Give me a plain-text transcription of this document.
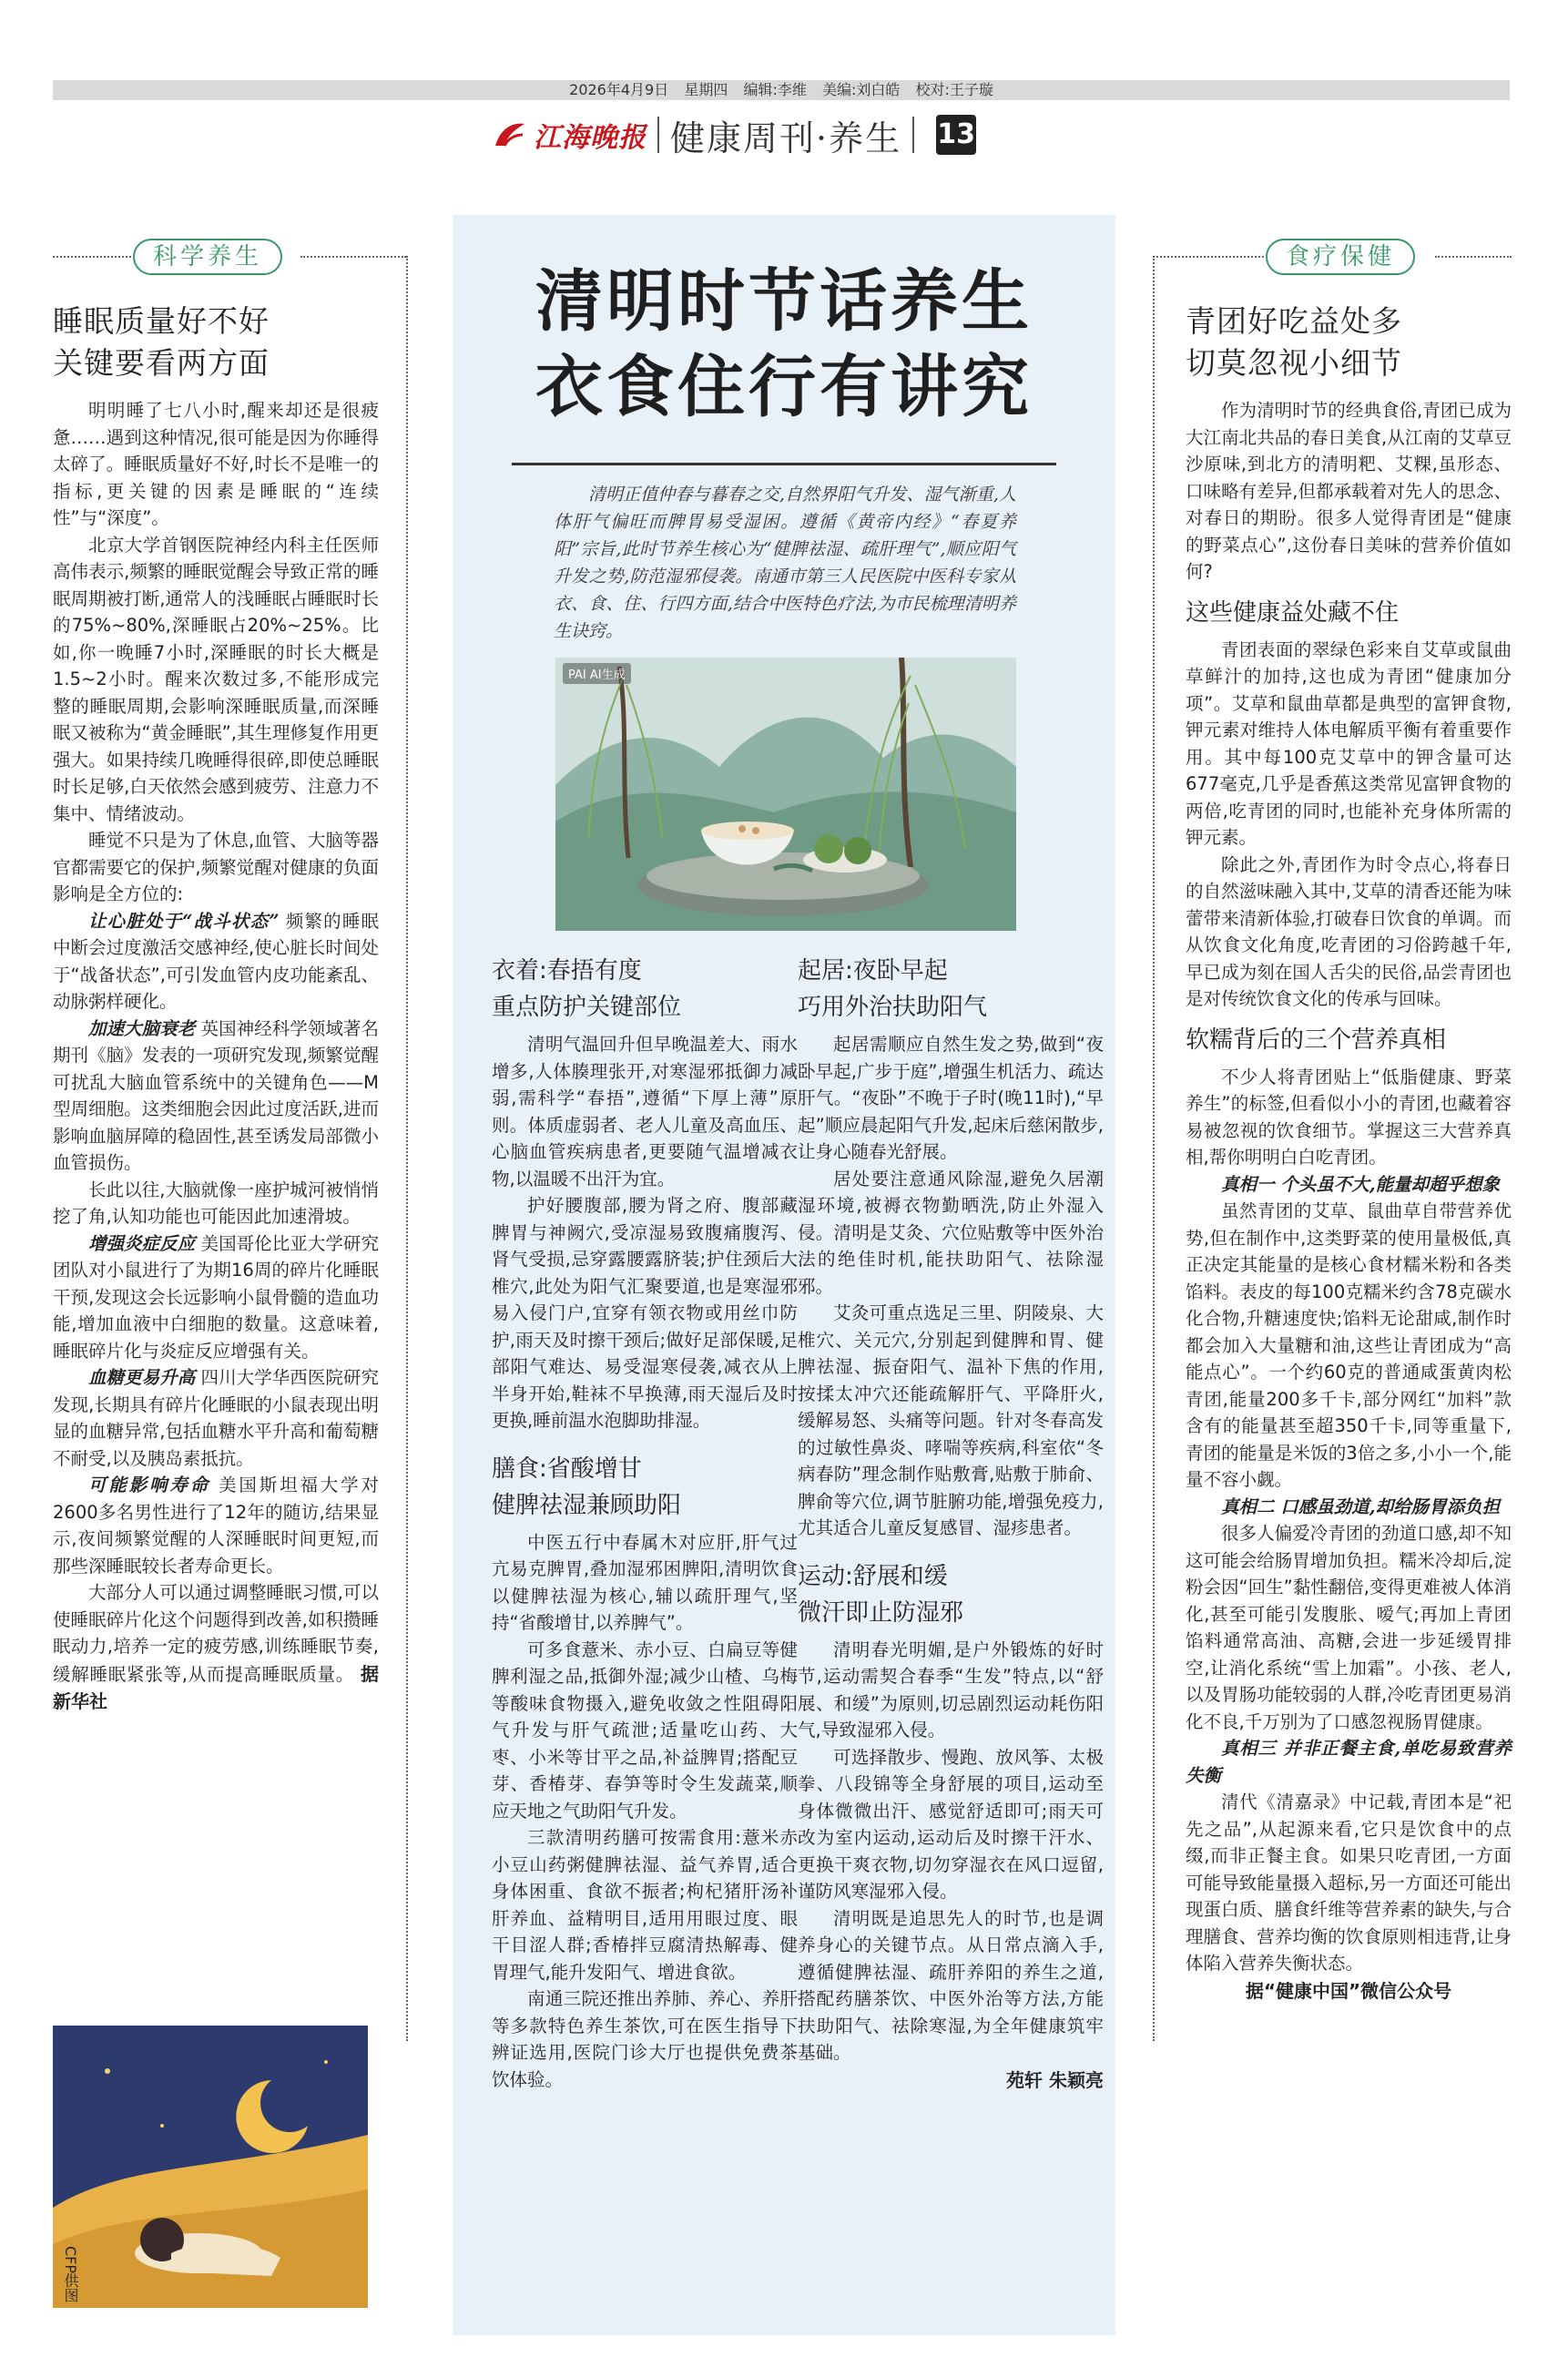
2026年4月9日 星期四 编辑:李维 美编:刘白皓 校对:王子璇
江海晚报 健康周刊·养生 13
科学养生	食疗保健
睡眠质量好不好
关键要看两方面

明明睡了七八小时,醒来却还是很疲惫……遇到这种情况,很可能是因为你睡得太碎了。睡眠质量好不好,时长不是唯一的指标,更关键的因素是睡眠的“连续性”与“深度”。

北京大学首钢医院神经内科主任医师高伟表示,频繁的睡眠觉醒会导致正常的睡眠周期被打断,通常人的浅睡眠占睡眠时长的75%~80%,深睡眠占20%~25%。比如,你一晚睡7小时,深睡眠的时长大概是1.5~2小时。醒来次数过多,不能形成完整的睡眠周期,会影响深睡眠质量,而深睡眠又被称为“黄金睡眠”,其生理修复作用更强大。如果持续几晚睡得很碎,即使总睡眠时长足够,白天依然会感到疲劳、注意力不集中、情绪波动。

睡觉不只是为了休息,血管、大脑等器官都需要它的保护,频繁觉醒对健康的负面影响是全方位的:

让心脏处于“战斗状态” 频繁的睡眠中断会过度激活交感神经,使心脏长时间处于“战备状态”,可引发血管内皮功能紊乱、动脉粥样硬化。

加速大脑衰老 英国神经科学领域著名期刊《脑》发表的一项研究发现,频繁觉醒可扰乱大脑血管系统中的关键角色——M型周细胞。这类细胞会因此过度活跃,进而影响血脑屏障的稳固性,甚至诱发局部微小血管损伤。

长此以往,大脑就像一座护城河被悄悄挖了角,认知功能也可能因此加速滑坡。

增强炎症反应 美国哥伦比亚大学研究团队对小鼠进行了为期16周的碎片化睡眠干预,发现这会长远影响小鼠骨髓的造血功能,增加血液中白细胞的数量。这意味着,睡眠碎片化与炎症反应增强有关。

血糖更易升高 四川大学华西医院研究发现,长期具有碎片化睡眠的小鼠表现出明显的血糖异常,包括血糖水平升高和葡萄糖不耐受,以及胰岛素抵抗。

可能影响寿命 美国斯坦福大学对2600多名男性进行了12年的随访,结果显示,夜间频繁觉醒的人深睡眠时间更短,而那些深睡眠较长者寿命更长。

大部分人可以通过调整睡眠习惯,可以使睡眠碎片化这个问题得到改善,如积攒睡眠动力,培养一定的疲劳感,训练睡眠节奏,缓解睡眠紧张等,从而提高睡眠质量。 据新华社

CFP供图
清明时节话养生
衣食住行有讲究

清明正值仲春与暮春之交,自然界阳气升发、湿气渐重,人体肝气偏旺而脾胃易受湿困。遵循《黄帝内经》“春夏养阳”宗旨,此时节养生核心为“健脾祛湿、疏肝理气”,顺应阳气升发之势,防范湿邪侵袭。南通市第三人民医院中医科专家从衣、食、住、行四方面,结合中医特色疗法,为市民梳理清明养生诀窍。

PAI AI生成
衣着:春捂有度
重点防护关键部位

清明气温回升但早晚温差大、雨水增多,人体腠理张开,对寒湿邪抵御力减弱,需科学“春捂”,遵循“下厚上薄”原则。体质虚弱者、老人儿童及高血压、心脑血管疾病患者,更要随气温增减衣物,以温暖不出汗为宜。

护好腰腹部,腰为肾之府、腹部藏脾胃与神阙穴,受凉湿易致腹痛腹泻、肾气受损,忌穿露腰露脐装;护住颈后大椎穴,此处为阳气汇聚要道,也是寒湿邪易入侵门户,宜穿有领衣物或用丝巾防护,雨天及时擦干颈后;做好足部保暖,足部阳气难达、易受湿寒侵袭,减衣从上半身开始,鞋袜不早换薄,雨天湿后及时更换,睡前温水泡脚助排湿。

膳食:省酸增甘
健脾祛湿兼顾助阳

中医五行中春属木对应肝,肝气过亢易克脾胃,叠加湿邪困脾阳,清明饮食以健脾祛湿为核心,辅以疏肝理气,坚持“省酸增甘,以养脾气”。

可多食薏米、赤小豆、白扁豆等健脾利湿之品,抵御外湿;减少山楂、乌梅等酸味食物摄入,避免收敛之性阻碍阳气升发与肝气疏泄;适量吃山药、大枣、小米等甘平之品,补益脾胃;搭配豆芽、香椿芽、春笋等时令生发蔬菜,顺应天地之气助阳气升发。

三款清明药膳可按需食用:薏米赤小豆山药粥健脾祛湿、益气养胃,适合身体困重、食欲不振者;枸杞猪肝汤补肝养血、益精明目,适用用眼过度、眼干目涩人群;香椿拌豆腐清热解毒、健胃理气,能升发阳气、增进食欲。

南通三院还推出养肺、养心、养肝等多款特色养生茶饮,可在医生指导下辨证选用,医院门诊大厅也提供免费茶饮体验。

起居:夜卧早起
巧用外治扶助阳气

起居需顺应自然生发之势,做到“夜卧早起,广步于庭”,增强生机活力、疏达肝气。“夜卧”不晚于子时(晚11时),“早起”顺应晨起阳气升发,起床后慈闲散步,让身心随春光舒展。

居处要注意通风除湿,避免久居潮湿环境,被褥衣物勤晒洗,防止外湿入侵。清明是艾灸、穴位贴敷等中医外治法的绝佳时机,能扶助阳气、祛除湿邪。

艾灸可重点选足三里、阴陵泉、大椎穴、关元穴,分别起到健脾和胃、健脾祛湿、振奋阳气、温补下焦的作用,按揉太冲穴还能疏解肝气、平降肝火,缓解易怒、头痛等问题。针对冬春高发的过敏性鼻炎、哮喘等疾病,科室依“冬病春防”理念制作贴敷膏,贴敷于肺俞、脾俞等穴位,调节脏腑功能,增强免疫力,尤其适合儿童反复感冒、湿疹患者。

运动:舒展和缓
微汗即止防湿邪

清明春光明媚,是户外锻炼的好时节,运动需契合春季“生发”特点,以“舒展、和缓”为原则,切忌剧烈运动耗伤阳气,导致湿邪入侵。

可选择散步、慢跑、放风筝、太极拳、八段锦等全身舒展的项目,运动至身体微微出汗、感觉舒适即可;雨天可改为室内运动,运动后及时擦干汗水、更换干爽衣物,切勿穿湿衣在风口逗留,谨防风寒湿邪入侵。

清明既是追思先人的时节,也是调养身心的关键节点。从日常点滴入手,遵循健脾祛湿、疏肝养阳的养生之道,搭配药膳茶饮、中医外治等方法,方能扶助阳气、祛除寒湿,为全年健康筑牢基础。

苑轩 朱颖亮
青团好吃益处多
切莫忽视小细节

作为清明时节的经典食俗,青团已成为大江南北共品的春日美食,从江南的艾草豆沙原味,到北方的清明粑、艾粿,虽形态、口味略有差异,但都承载着对先人的思念、对春日的期盼。很多人觉得青团是“健康的野菜点心”,这份春日美味的营养价值如何?

这些健康益处藏不住

青团表面的翠绿色彩来自艾草或鼠曲草鲜汁的加持,这也成为青团“健康加分项”。艾草和鼠曲草都是典型的富钾食物,钾元素对维持人体电解质平衡有着重要作用。其中每100克艾草中的钾含量可达677毫克,几乎是香蕉这类常见富钾食物的两倍,吃青团的同时,也能补充身体所需的钾元素。

除此之外,青团作为时令点心,将春日的自然滋味融入其中,艾草的清香还能为味蕾带来清新体验,打破春日饮食的单调。而从饮食文化角度,吃青团的习俗跨越千年,早已成为刻在国人舌尖的民俗,品尝青团也是对传统饮食文化的传承与回味。

软糯背后的三个营养真相

不少人将青团贴上“低脂健康、野菜养生”的标签,但看似小小的青团,也藏着容易被忽视的饮食细节。掌握这三大营养真相,帮你明明白白吃青团。

真相一 个头虽不大,能量却超乎想象

虽然青团的艾草、鼠曲草自带营养优势,但在制作中,这类野菜的使用量极低,真正决定其能量的是核心食材糯米粉和各类馅料。表皮的每100克糯米约含78克碳水化合物,升糖速度快;馅料无论甜咸,制作时都会加入大量糖和油,这些让青团成为“高能点心”。一个约60克的普通咸蛋黄肉松青团,能量200多千卡,部分网红“加料”款含有的能量甚至超350千卡,同等重量下,青团的能量是米饭的3倍之多,小小一个,能量不容小觑。

真相二 口感虽劲道,却给肠胃添负担

很多人偏爱冷青团的劲道口感,却不知这可能会给肠胃增加负担。糯米冷却后,淀粉会因“回生”黏性翻倍,变得更难被人体消化,甚至可能引发腹胀、嗳气;再加上青团馅料通常高油、高糖,会进一步延缓胃排空,让消化系统“雪上加霜”。小孩、老人,以及胃肠功能较弱的人群,冷吃青团更易消化不良,千万别为了口感忽视肠胃健康。

真相三 并非正餐主食,单吃易致营养失衡

清代《清嘉录》中记载,青团本是“祀先之品”,从起源来看,它只是饮食中的点缀,而非正餐主食。如果只吃青团,一方面可能导致能量摄入超标,另一方面还可能出现蛋白质、膳食纤维等营养素的缺失,与合理膳食、营养均衡的饮食原则相违背,让身体陷入营养失衡状态。

据“健康中国”微信公众号
